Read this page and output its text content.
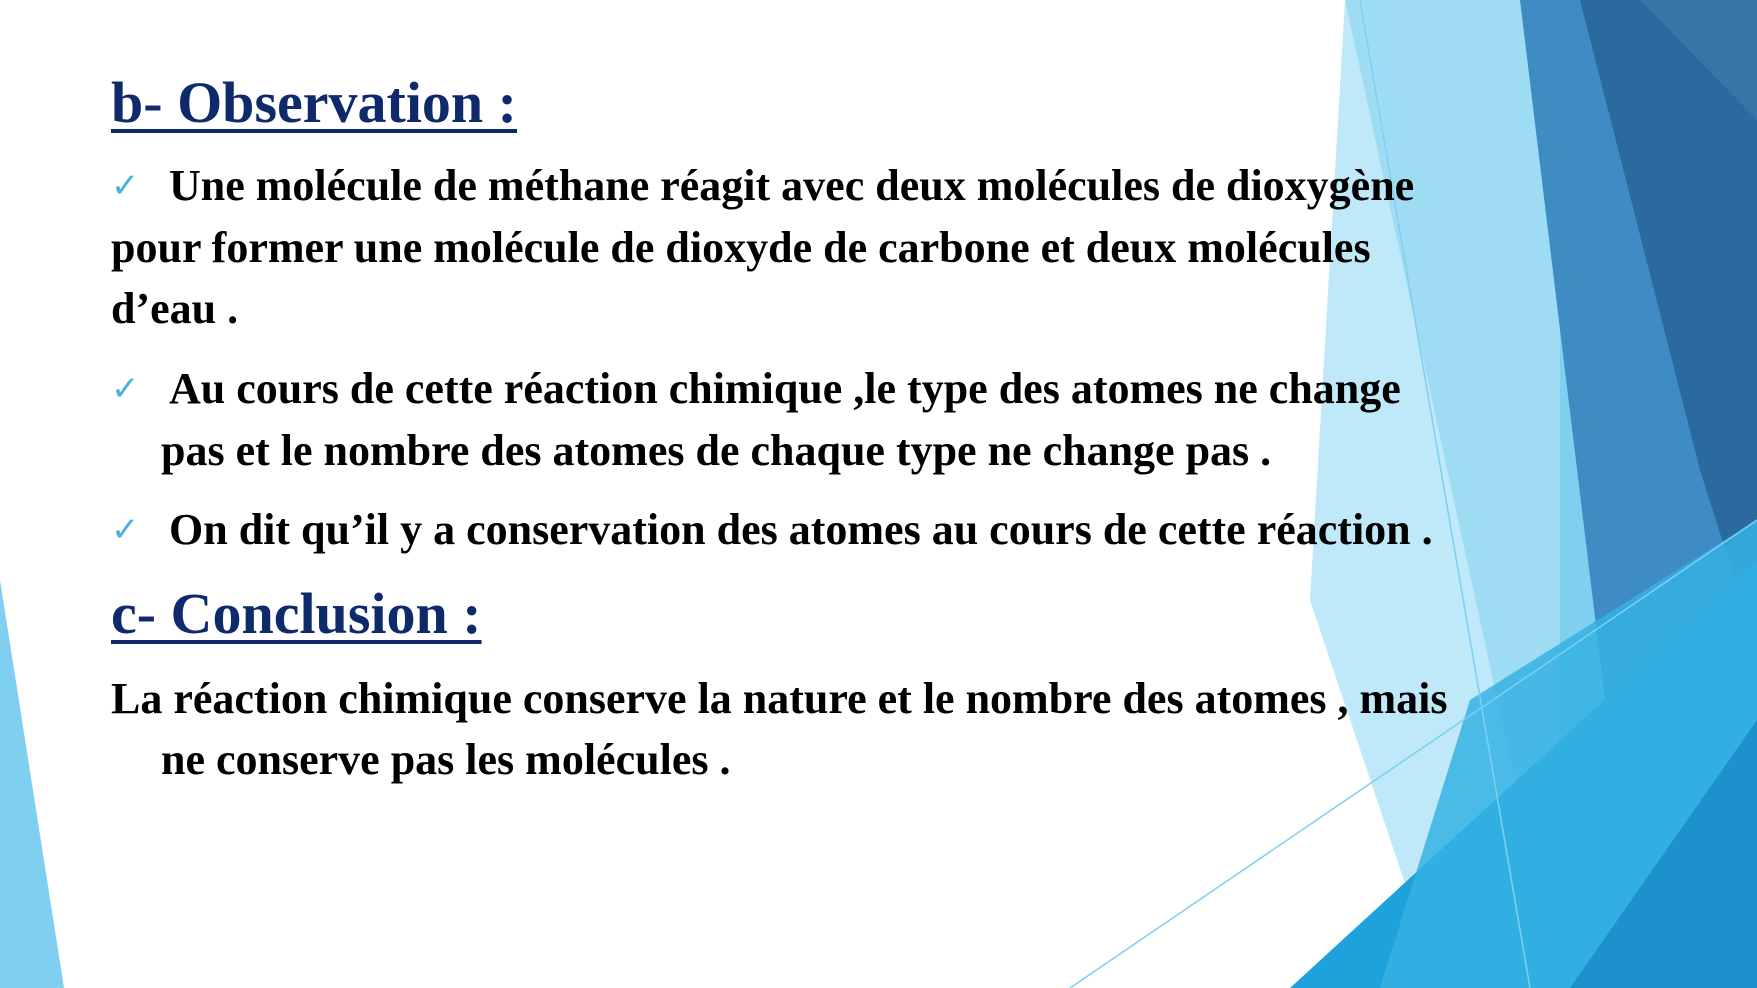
b- Observation :

✓ Une molécule de méthane réagit avec deux molécules de dioxygène
pour former une molécule de dioxyde de carbone et deux molécules
d’eau .

✓ Au cours de cette réaction chimique ,le type des atomes ne change
pas et le nombre des atomes de chaque type ne change pas .

✓ On dit qu’il y a conservation des atomes au cours de cette réaction .

c- Conclusion :

La réaction chimique conserve la nature et le nombre des atomes , mais
ne conserve pas les molécules .
